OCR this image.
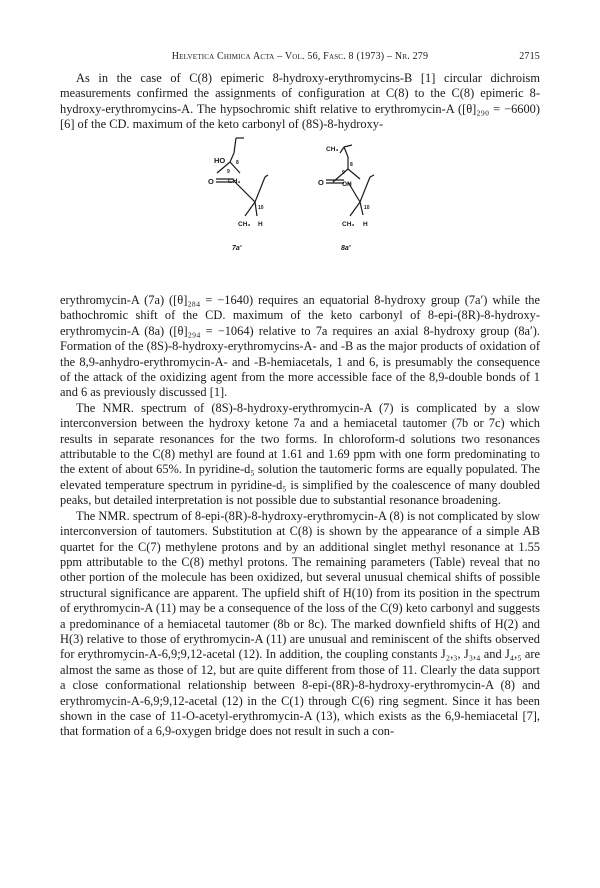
Helvetica Chimica Acta – Vol. 56, Fasc. 8 (1973) – Nr. 279	2715

As in the case of C(8) epimeric 8-hydroxy-erythromycins-B [1] circular dichroism measurements confirmed the assignments of configuration at C(8) to the C(8) epimeric 8-hydroxy-erythromycins-A. The hypsochromic shift relative to erythromycin-A ([θ]₂₉₀ = −6600) [6] of the CD. maximum of the keto carbonyl of (8S)-8-hydroxy-

HO
O CH₃
9
8
10
CH₃ H
7a′
CH₃
O	OH
9
8
10
CH₃ H
8a′

erythromycin-A (7a) ([θ]₂₈₄ = −1640) requires an equatorial 8-hydroxy group (7a′) while the bathochromic shift of the CD. maximum of the keto carbonyl of 8-epi-(8R)-8-hydroxy-erythromycin-A (8a) ([θ]₂₉₄ = −1064) relative to 7a requires an axial 8-hydroxy group (8a′). Formation of the (8S)-8-hydroxy-erythromycins-A- and -B as the major products of oxidation of the 8,9-anhydro-erythromycin-A- and -B-hemiacetals, 1 and 6, is presumably the consequence of the attack of the oxidizing agent from the more accessible face of the 8,9-double bonds of 1 and 6 as previously discussed [1].

The NMR. spectrum of (8S)-8-hydroxy-erythromycin-A (7) is complicated by a slow interconversion between the hydroxy ketone 7a and a hemiacetal tautomer (7b or 7c) which results in separate resonances for the two forms. In chloroform-d solutions two resonances attributable to the C(8) methyl are found at 1.61 and 1.69 ppm with one form predominating to the extent of about 65%. In pyridine-d₅ solution the tautomeric forms are equally populated. The elevated temperature spectrum in pyridine-d₅ is simplified by the coalescence of many doubled peaks, but detailed interpretation is not possible due to substantial resonance broadening.

The NMR. spectrum of 8-epi-(8R)-8-hydroxy-erythromycin-A (8) is not complicated by slow interconversion of tautomers. Substitution at C(8) is shown by the appearance of a simple AB quartet for the C(7) methylene protons and by an additional singlet methyl resonance at 1.55 ppm attributable to the C(8) methyl protons. The remaining parameters (Table) reveal that no other portion of the molecule has been oxidized, but several unusual chemical shifts of possible structural significance are apparent. The upfield shift of H(10) from its position in the spectrum of erythromycin-A (11) may be a consequence of the loss of the C(9) keto carbonyl and suggests a predominance of a hemiacetal tautomer (8b or 8c). The marked downfield shifts of H(2) and H(3) relative to those of erythromycin-A (11) are unusual and reminiscent of the shifts observed for erythromycin-A-6,9;9,12-acetal (12). In addition, the coupling constants J₂,₃, J₃,₄ and J₄,₅ are almost the same as those of 12, but are quite different from those of 11. Clearly the data support a close conformational relationship between 8-epi-(8R)-8-hydroxy-erythromycin-A (8) and erythromycin-A-6,9;9,12-acetal (12) in the C(1) through C(6) ring segment. Since it has been shown in the case of 11-O-acetyl-erythromycin-A (13), which exists as the 6,9-hemiacetal [7], that formation of a 6,9-oxygen bridge does not result in such a con-
